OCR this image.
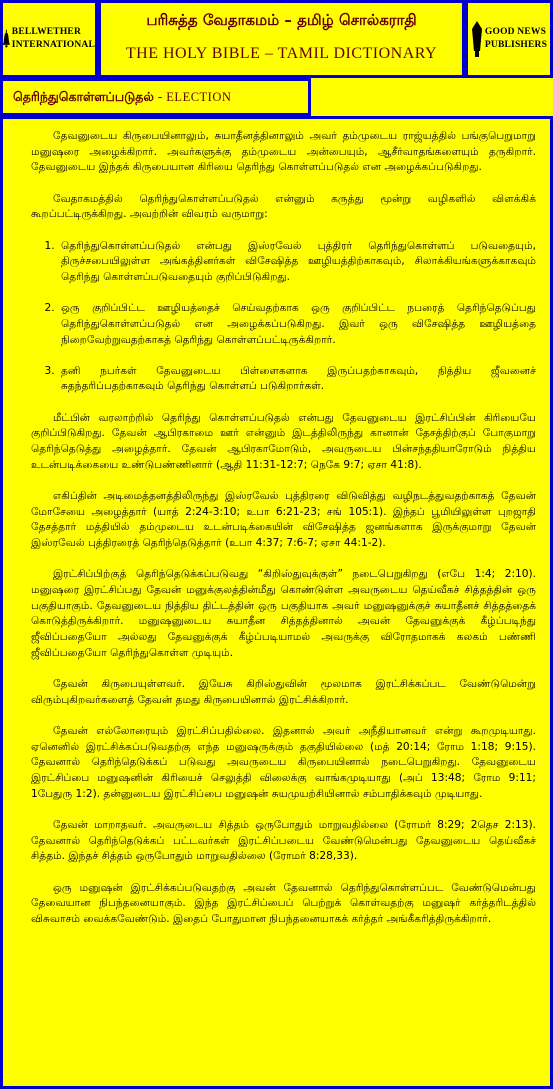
BELLWETHER
INTERNATIONAL
பரிசுத்த வேதாகமம் – தமிழ் சொல்கராதி
THE HOLY BIBLE – TAMIL DICTIONARY
GOOD NEWS
PUBLISHERS
தெரிந்துகொள்ளப்படுதல் - ELECTION

தேவனுடைய கிருபையினாலும், சுயாதீனத்தினாலும் அவர் தம்முடைய ராஜ்யத்தில் பங்குபெறுமாறு மனுஷரை அழைக்கிறார். அவர்களுக்கு தம்முடைய அன்பையும், ஆசீர்வாதங்களையும் தருகிறார். தேவனுடைய இந்தக் கிருபையான கிரியை தெரிந்து கொள்ளப்படுதல் என அழைக்கப்படுகிறது.

வேதாகமத்தில் தெரிந்துகொள்ளப்படுதல் என்னும் கருத்து மூன்று வழிகளில் விளக்கிக் கூறப்பட்டிருக்கிறது. அவற்றின் விவரம் வருமாறு:

1. தெரிந்துகொள்ளப்படுதல் என்பது இஸ்ரவேல் புத்திரர் தெரிந்துகொள்ளப் படுவதையும், திருச்சபையிலுள்ள அங்கத்தினர்கள் விசேஷித்த ஊழியத்திற்காகவும், சிலாக்கியங்களுக்காகவும் தெரிந்து கொள்ளப்படுவதையும் குறிப்பிடுகிறது.
2. ஒரு குறிப்பிட்ட ஊழியத்தைச் செய்வதற்காக ஒரு குறிப்பிட்ட நபரைத் தெரிந்தெடுப்பது தெரிந்துகொள்ளப்படுதல் என அழைக்கப்படுகிறது. இவர் ஒரு விசேஷித்த ஊழியத்தை நிறைவேற்றுவதற்காகத் தெரிந்து கொள்ளப்பட்டிருக்கிறார்.
3. தனி நபர்கள் தேவனுடைய பிள்ளைகளாக இருப்பதற்காகவும், நித்திய ஜீவனைச் சுதந்தரிப்பதற்காகவும் தெரிந்து கொள்ளப் படுகிறார்கள்.

மீட்பின் வரலாற்றில் தெரிந்து கொள்ளப்படுதல் என்பது தேவனுடைய இரட்சிப்பின் கிரியையே குறிப்பிடுகிறது. தேவன் ஆபிரகாமை ஊர் என்னும் இடத்திலிருந்து கானான் தேசத்திற்குப் போகுமாறு தெரிந்தெடுத்து அழைத்தார். தேவன் ஆபிரகாமோடும், அவருடைய பின்சந்ததியாரோடும் நித்திய உடன்படிக்கையை உண்டுபண்ணினார் (ஆதி 11:31-12:7; நெகே 9:7; ஏசா 41:8).

எகிப்தின் அடிமைத்தனத்திலிருந்து இஸ்ரவேல் புத்திரரை விடுவித்து வழிநடத்துவதற்காகத் தேவன் மோசேயை அழைத்தார் (யாத் 2:24-3:10; உபா 6:21-23; சங் 105:1). இந்தப் பூமியிலுள்ள புறஜாதி தேசத்தார் மத்தியில் தம்முடைய உடன்படிக்கையின் விசேஷித்த ஜனங்களாக இருக்குமாறு தேவன் இஸ்ரவேல் புத்திரரைத் தெரிந்தெடுத்தார் (உபா 4:37; 7:6-7; ஏசா 44:1-2).

இரட்சிப்பிற்குத் தெரிந்தெடுக்கப்படுவது “கிறிஸ்துவுக்குள்” நடைபெறுகிறது (எபே 1:4; 2:10). மனுஷரை இரட்சிப்பது தேவன் மனுக்குலத்தின்மீது கொண்டுள்ள அவருடைய தெய்வீகச் சித்தத்தின் ஒரு பகுதியாகும். தேவனுடைய நித்திய திட்டத்தின் ஒரு பகுதியாக அவர் மனுஷனுக்குச் சுயாதீனச் சித்தத்தைக் கொடுத்திருக்கிறார். மனுஷனுடைய சுயாதீன சித்தத்தினால் அவன் தேவனுக்குக் கீழ்ப்படிந்து ஜீவிப்பதையோ அல்லது தேவனுக்குக் கீழ்ப்படியாமல் அவருக்கு விரோதமாகக் கலகம் பண்ணி ஜீவிப்பதையோ தெரிந்துகொள்ள முடியும்.

தேவன் கிருபையுள்ளவர். இயேசு கிறிஸ்துவின் மூலமாக இரட்சிக்கப்பட வேண்டுமென்று விரும்புகிறவர்களைத் தேவன் தமது கிருபையினால் இரட்சிக்கிறார்.

தேவன் எல்லோரையும் இரட்சிப்பதில்லை. இதனால் அவர் அநீதியானவர் என்று கூறமுடியாது. ஏனெனில் இரட்சிக்கப்படுவதற்கு எந்த மனுஷருக்கும் தகுதியில்லை (மத் 20:14; ரோம 1:18; 9:15). தேவனால் தெரிந்தெடுக்கப் படுவது அவருடைய கிருபையினால் நடைபெறுகிறது. தேவனுடைய இரட்சிப்பை மனுஷனின் கிரியைச் செலுத்தி விலைக்கு வாங்கமுடியாது (அப் 13:48; ரோம 9:11; 1பேதுரு 1:2). தன்னுடைய இரட்சிப்பை மனுஷன் சுயமுயற்சியினால் சம்பாதிக்கவும் முடியாது.

தேவன் மாறாதவர். அவருடைய சித்தம் ஒருபோதும் மாறுவதில்லை (ரோமர் 8:29; 2தெச 2:13). தேவனால் தெரிந்தெடுக்கப் பட்டவர்கள் இரட்சிப்படைய வேண்டுமென்பது தேவனுடைய தெய்வீகச் சித்தம். இந்தச் சித்தம் ஒருபோதும் மாறுவதில்லை (ரோமர் 8:28,33).

ஒரு மனுஷன் இரட்சிக்கப்படுவதற்கு அவன் தேவனால் தெரிந்துகொள்ளப்பட வேண்டுமென்பது தேவையான நிபந்தனையாகும். இந்த இரட்சிப்பைப் பெற்றுக் கொள்வதற்கு மனுஷர் கர்த்தரிடத்தில் விசுவாசம் வைக்கவேண்டும். இதைப் போதுமான நிபந்தனையாகக் கர்த்தர் அங்கீகரித்திருக்கிறார்.
